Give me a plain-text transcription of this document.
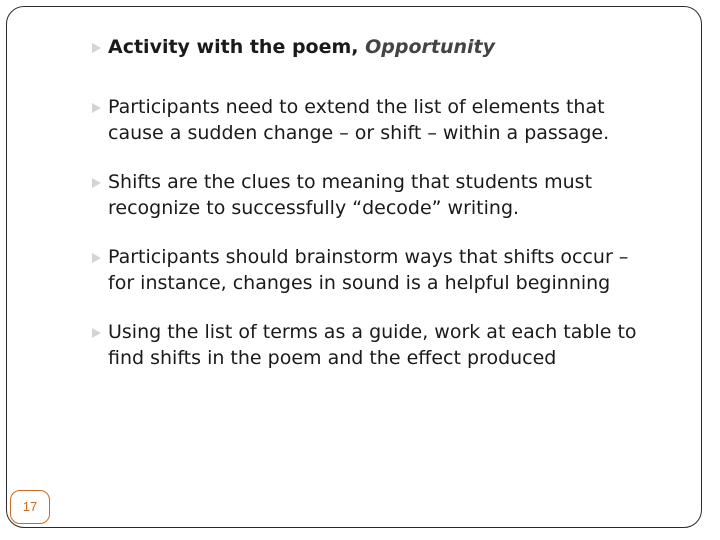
Activity with the poem, Opportunity
Participants need to extend the list of elements that
cause a sudden change – or shift – within a passage.
Shifts are the clues to meaning that students must
recognize to successfully “decode” writing.
Participants should brainstorm ways that shifts occur –
for instance, changes in sound is a helpful beginning
Using the list of terms as a guide, work at each table to
find shifts in the poem and the effect produced
17
